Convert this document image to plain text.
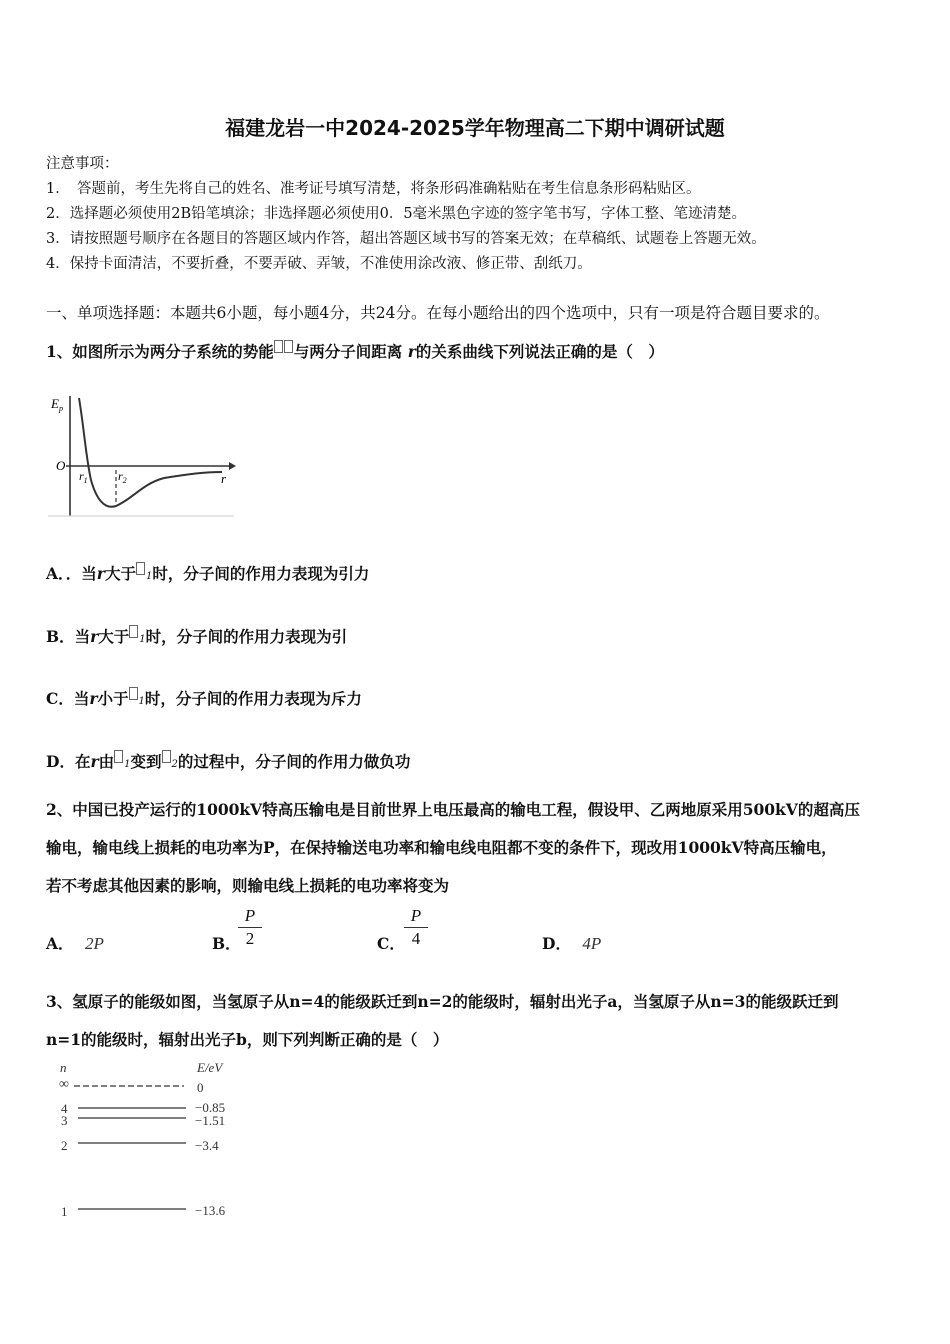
福建龙岩一中2024-2025学年物理高二下期中调研试题
注意事项：
1．　答题前，考生先将自己的姓名、准考证号填写清楚，将条形码准确粘贴在考生信息条形码粘贴区。
2．选择题必须使用2B铅笔填涂；非选择题必须使用0．5毫米黑色字迹的签字笔书写，字体工整、笔迹清楚。
3．请按照题号顺序在各题目的答题区域内作答，超出答题区域书写的答案无效；在草稿纸、试题卷上答题无效。
4．保持卡面清洁，不要折叠，不要弄破、弄皱，不准使用涂改液、修正带、刮纸刀。
一、单项选择题：本题共6小题，每小题4分，共24分。在每小题给出的四个选项中，只有一项是符合题目要求的。
1、如图所示为两分子系统的势能 与两分子间距离 r的关系曲线下列说法正确的是（　）
$E_p$
O
r
$r_1$	$r_2$
A．．当r大于 1时，分子间的作用力表现为引力
B．当r大于 1时，分子间的作用力表现为引
C．当r小于 1时，分子间的作用力表现为斥力
D．在r由 1变到 2的过程中，分子间的作用力做负功
2、中国已投产运行的1000kV特高压输电是目前世界上电压最高的输电工程，假设甲、乙两地原采用500kV的超高压
输电，输电线上损耗的电功率为P，在保持输送电功率和输电线电阻都不变的条件下，现改用1000kV特高压输电，
若不考虑其他因素的影响，则输电线上损耗的电功率将变为
A． 2P	B．
P
2	C．
P
4	D． 4P
3、氢原子的能级如图，当氢原子从n=4的能级跃迁到n=2的能级时，辐射出光子a，当氢原子从n=3的能级跃迁到
n=1的能级时，辐射出光子b，则下列判断正确的是（　）
n	E/eV
∞	0
4	−0.85
3	−1.51
2	−3.4
1	−13.6
